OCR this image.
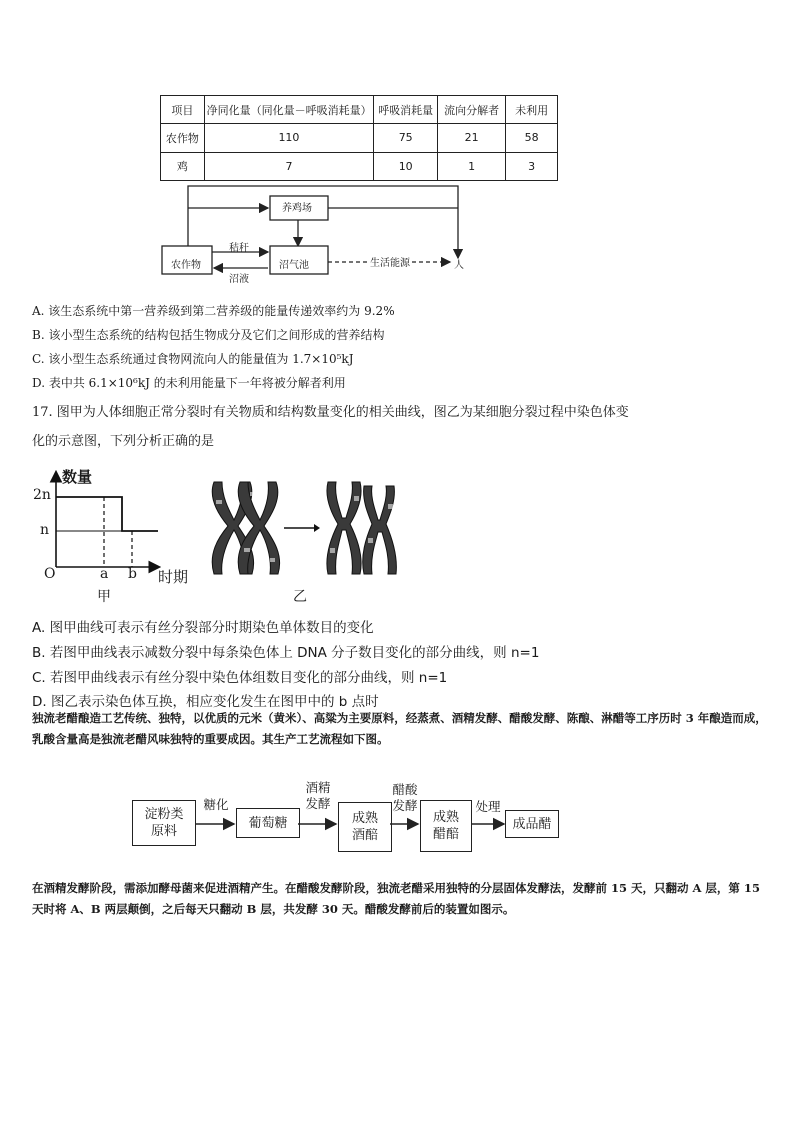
项目	净同化量（同化量－呼吸消耗量）	呼吸消耗量	流向分解者	未利用
农作物	110	75	21	58
鸡	7	10	1	3
养鸡场
农作物	沼气池	人
秸秆
沼液
生活能源
A. 该生态系统中第一营养级到第二营养级的能量传递效率约为 9.2%
B. 该小型生态系统的结构包括生物成分及它们之间形成的营养结构
C. 该小型生态系统通过食物网流向人的能量值为 1.7×10⁵kJ
D. 表中共 6.1×10⁶kJ 的未利用能量下一年将被分解者利用
17. 图甲为人体细胞正常分裂时有关物质和结构数量变化的相关曲线，图乙为某细胞分裂过程中染色体变
化的示意图，下列分析正确的是
数量
2n
n
O	a b 时期
甲	乙
A. 图甲曲线可表示有丝分裂部分时期染色单体数目的变化
B. 若图甲曲线表示减数分裂中每条染色体上 DNA 分子数目变化的部分曲线，则 n=1
C. 若图甲曲线表示有丝分裂中染色体组数目变化的部分曲线，则 n=1
D. 图乙表示染色体互换，相应变化发生在图甲中的 b 点时
独流老醋酿造工艺传统、独特，以优质的元米（黄米）、高粱为主要原料，经蒸煮、酒精发酵、醋酸发酵、陈酿、淋醋等工序历时 3 年酿造而成，乳酸含量高是独流老醋风味独特的重要成因。其生产工艺流程如下图。
淀粉类
原料
糖化
葡萄糖
酒精
发酵
成熟
酒醅
醋酸
发酵
成熟
醋醅
处理
成品醋
在酒精发酵阶段，需添加酵母菌来促进酒精产生。在醋酸发酵阶段，独流老醋采用独特的分层固体发酵法，发酵前 15 天，只翻动 A 层，第 15 天时将 A、B 两层颠倒，之后每天只翻动 B 层，共发酵 30 天。醋酸发酵前后的装置如图示。
